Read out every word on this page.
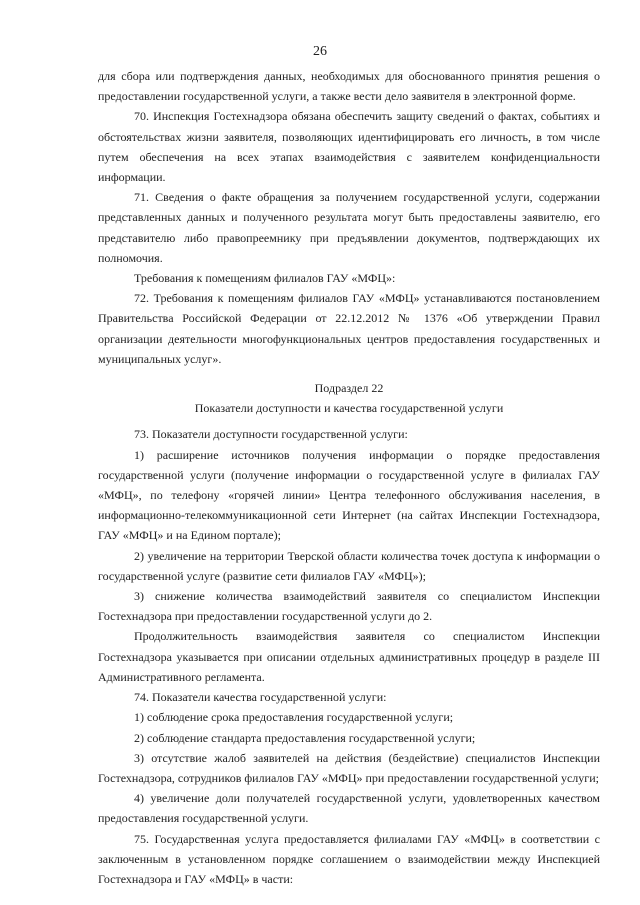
26

для сбора или подтверждения данных, необходимых для обоснованного принятия решения о предоставлении государственной услуги, а также вести дело заявителя в электронной форме.

70. Инспекция Гостехнадзора обязана обеспечить защиту сведений о фактах, событиях и обстоятельствах жизни заявителя, позволяющих идентифицировать его личность, в том числе путем обеспечения на всех этапах взаимодействия с заявителем конфиденциальности информации.

71. Сведения о факте обращения за получением государственной услуги, содержании представленных данных и полученного результата могут быть предоставлены заявителю, его представителю либо правопреемнику при предъявлении документов, подтверждающих их полномочия.

Требования к помещениям филиалов ГАУ «МФЦ»:

72. Требования к помещениям филиалов ГАУ «МФЦ» устанавливаются постановлением Правительства Российской Федерации от 22.12.2012 № 1376 «Об утверждении Правил организации деятельности многофункциональных центров предоставления государственных и муниципальных услуг».

Подраздел 22

Показатели доступности и качества государственной услуги

73. Показатели доступности государственной услуги:

1) расширение источников получения информации о порядке предоставления государственной услуги (получение информации о государственной услуге в филиалах ГАУ «МФЦ», по телефону «горячей линии» Центра телефонного обслуживания населения, в информационно-телекоммуникационной сети Интернет (на сайтах Инспекции Гостехнадзора, ГАУ «МФЦ» и на Едином портале);

2) увеличение на территории Тверской области количества точек доступа к информации о государственной услуге (развитие сети филиалов ГАУ «МФЦ»);

3) снижение количества взаимодействий заявителя со специалистом Инспекции Гостехнадзора при предоставлении государственной услуги до 2.

Продолжительность взаимодействия заявителя со специалистом Инспекции Гостехнадзора указывается при описании отдельных административных процедур в разделе III Административного регламента.

74. Показатели качества государственной услуги:

1) соблюдение срока предоставления государственной услуги;

2) соблюдение стандарта предоставления государственной услуги;

3) отсутствие жалоб заявителей на действия (бездействие) специалистов Инспекции Гостехнадзора, сотрудников филиалов ГАУ «МФЦ» при предоставлении государственной услуги;

4) увеличение доли получателей государственной услуги, удовлетворенных качеством предоставления государственной услуги.

75. Государственная услуга предоставляется филиалами ГАУ «МФЦ» в соответствии с заключенным в установленном порядке соглашением о взаимодействии между Инспекцией Гостехнадзора и ГАУ «МФЦ» в части:
